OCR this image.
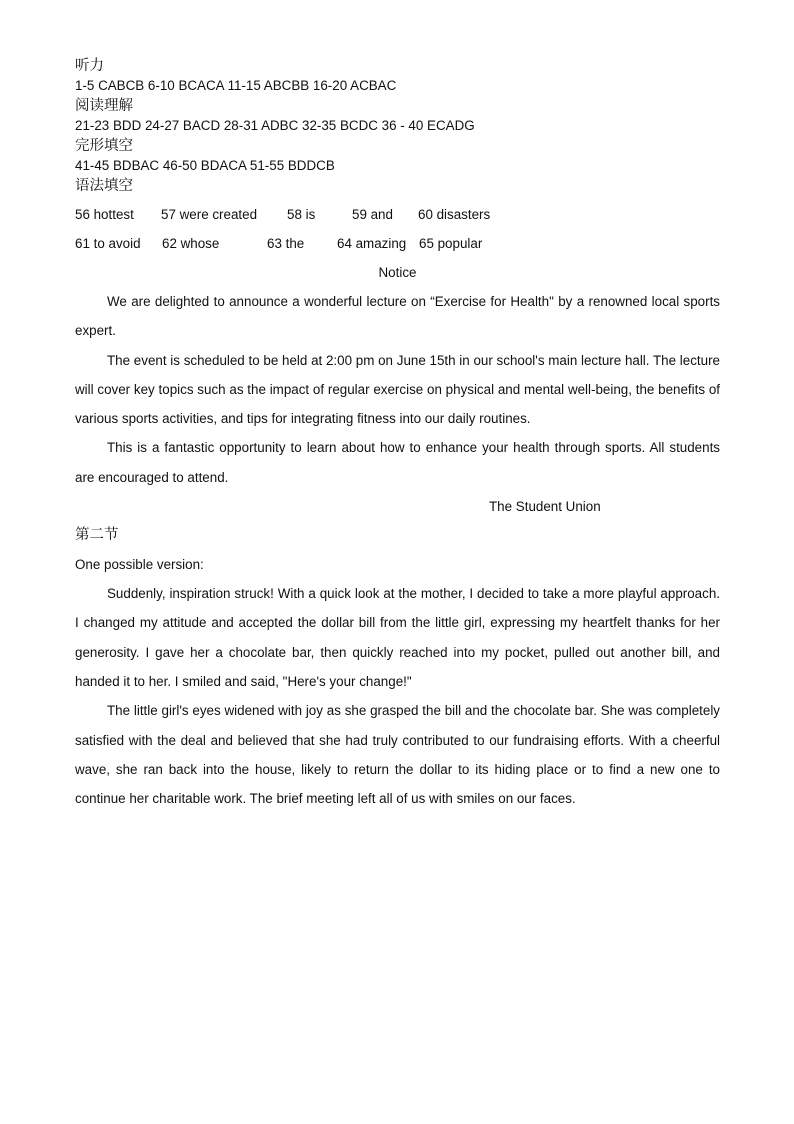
听力
1-5 CABCB 6-10 BCACA 11-15 ABCBB 16-20 ACBAC
阅读理解
21-23 BDD 24-27 BACD 28-31 ADBC 32-35 BCDC 36 - 40 ECADG
完形填空
41-45 BDBAC 46-50 BDACA 51-55 BDDCB
语法填空
56 hottest 57 were created 58 is	59 and 60 disasters
61 to avoid 62 whose	63 the 64 amazing 65 popular
Notice

We are delighted to announce a wonderful lecture on “Exercise for Health" by a renowned local sports expert.

The event is scheduled to be held at 2:00 pm on June 15th in our school's main lecture hall. The lecture will cover key topics such as the impact of regular exercise on physical and mental well-being, the benefits of various sports activities, and tips for integrating fitness into our daily routines.

This is a fantastic opportunity to learn about how to enhance your health through sports. All students are encouraged to attend.

The Student Union
第二节
One possible version:

Suddenly, inspiration struck! With a quick look at the mother, I decided to take a more playful approach. I changed my attitude and accepted the dollar bill from the little girl, expressing my heartfelt thanks for her generosity. I gave her a chocolate bar, then quickly reached into my pocket, pulled out another bill, and handed it to her. I smiled and said, "Here's your change!"

The little girl's eyes widened with joy as she grasped the bill and the chocolate bar. She was completely satisfied with the deal and believed that she had truly contributed to our fundraising efforts. With a cheerful wave, she ran back into the house, likely to return the dollar to its hiding place or to find a new one to continue her charitable work. The brief meeting left all of us with smiles on our faces.
